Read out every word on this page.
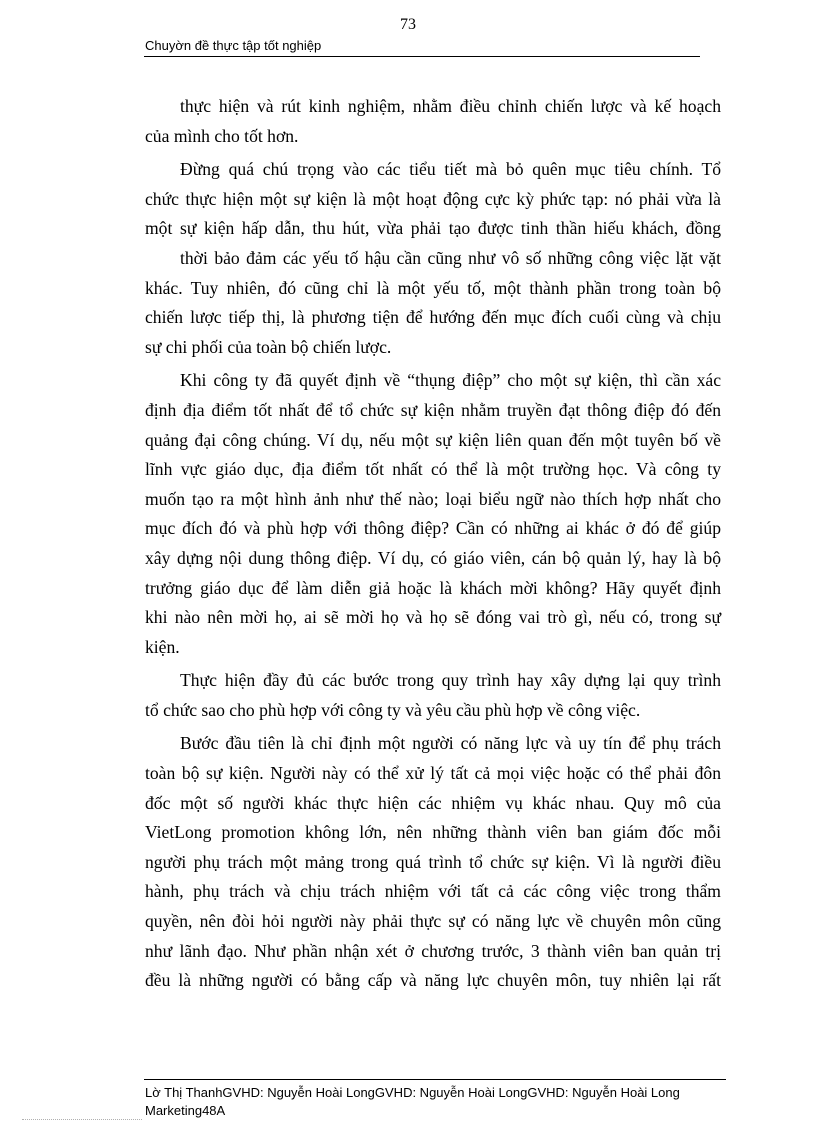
73
Chuyờn đề thực tập tốt nghiệp
thực hiện và rút kinh nghiệm, nhằm điều chỉnh chiến lược và kế hoạch
của mình cho tốt hơn.
Đừng quá chú trọng vào các tiểu tiết mà bỏ quên mục tiêu chính. Tổ
chức thực hiện một sự kiện là một hoạt động cực kỳ phức tạp: nó phải vừa là
một sự kiện hấp dẫn, thu hút, vừa phải tạo được tinh thần hiếu khách, đồng
thời bảo đảm các yếu tố hậu cần cũng như vô số những công việc lặt vặt
khác. Tuy nhiên, đó cũng chỉ là một yếu tố, một thành phần trong toàn bộ
chiến lược tiếp thị, là phương tiện để hướng đến mục đích cuối cùng và chịu
sự chi phối của toàn bộ chiến lược.
Khi công ty đã quyết định về “thụng điệp” cho một sự kiện, thì cần xác
định địa điểm tốt nhất để tổ chức sự kiện nhằm truyền đạt thông điệp đó đến
quảng đại công chúng. Ví dụ, nếu một sự kiện liên quan đến một tuyên bố về
lĩnh vực giáo dục, địa điểm tốt nhất có thể là một trường học. Và công ty
muốn tạo ra một hình ảnh như thế nào; loại biểu ngữ nào thích hợp nhất cho
mục đích đó và phù hợp với thông điệp? Cần có những ai khác ở đó để giúp
xây dựng nội dung thông điệp. Ví dụ, có giáo viên, cán bộ quản lý, hay là bộ
trưởng giáo dục để làm diễn giả hoặc là khách mời không? Hãy quyết định
khi nào nên mời họ, ai sẽ mời họ và họ sẽ đóng vai trò gì, nếu có, trong sự
kiện.
Thực hiện đầy đủ các bước trong quy trình hay xây dựng lại quy trình
tổ chức sao cho phù hợp với công ty và yêu cầu phù hợp về công việc.
Bước đầu tiên là chỉ định một người có năng lực và uy tín để phụ trách
toàn bộ sự kiện. Người này có thể xử lý tất cả mọi việc hoặc có thể phải đôn
đốc một số người khác thực hiện các nhiệm vụ khác nhau. Quy mô của
VietLong promotion không lớn, nên những thành viên ban giám đốc mỗi
người phụ trách một mảng trong quá trình tổ chức sự kiện. Vì là người điều
hành, phụ trách và chịu trách nhiệm với tất cả các công việc trong thẩm
quyền, nên đòi hỏi người này phải thực sự có năng lực về chuyên môn cũng
như lãnh đạo. Như phần nhận xét ở chương trước, 3 thành viên ban quản trị
đều là những người có bằng cấp và năng lực chuyên môn, tuy nhiên lại rất
Lờ Thị ThanhGVHD: Nguyễn Hoài LongGVHD: Nguyễn Hoài LongGVHD: Nguyễn Hoài Long
Marketing48A
